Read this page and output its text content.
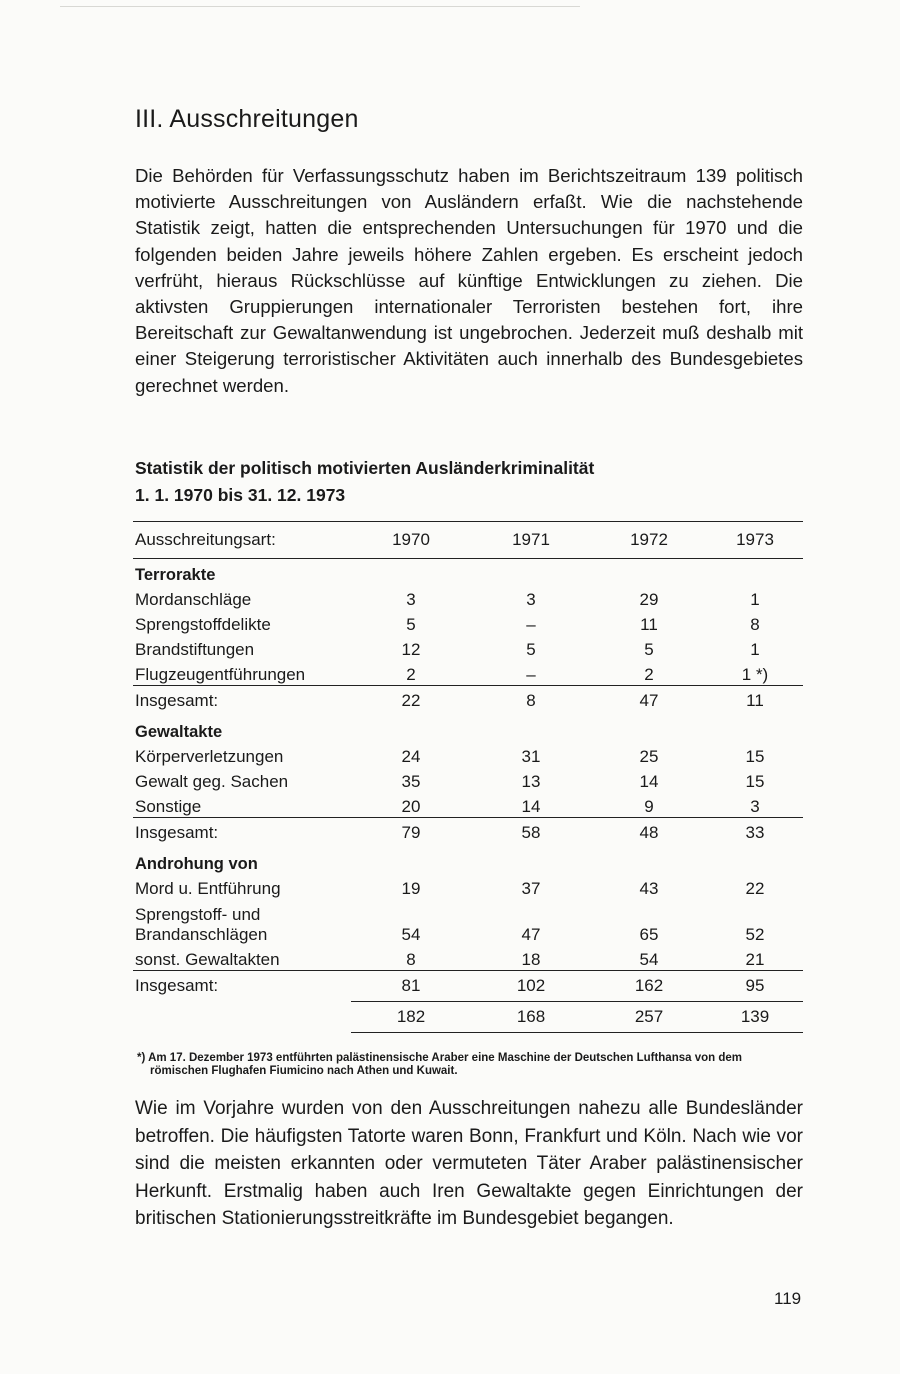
III. Ausschreitungen

Die Behörden für Verfassungsschutz haben im Berichtszeitraum 139 politisch motivierte Ausschreitungen von Ausländern erfaßt. Wie die nachstehende Statistik zeigt, hatten die entsprechenden Untersuchungen für 1970 und die folgenden beiden Jahre jeweils höhere Zahlen ergeben. Es erscheint jedoch verfrüht, hieraus Rückschlüsse auf künftige Entwicklungen zu ziehen. Die aktivsten Gruppierungen internationaler Terroristen bestehen fort, ihre Bereitschaft zur Gewaltanwendung ist ungebrochen. Jederzeit muß deshalb mit einer Steigerung terroristischer Aktivitäten auch innerhalb des Bundesgebietes gerechnet werden.

Statistik der politisch motivierten Ausländerkriminalität
1. 1. 1970 bis 31. 12. 1973
Ausschreitungsart:	1970	1971	1972	1973
Terrorakte				
Mordanschläge	3	3	29	1
Sprengstoffdelikte	5	–	11	8
Brandstiftungen	12	5	5	1
Flugzeugentführungen	2	–	2	1 *)
Insgesamt:	22	8	47	11
Gewaltakte				
Körperverletzungen	24	31	25	15
Gewalt geg. Sachen	35	13	14	15
Sonstige	20	14	9	3
Insgesamt:	79	58	48	33
Androhung von				
Mord u. Entführung	19	37	43	22

Sprengstoff- und
Brandanschlägen	54	47	65	52
sonst. Gewaltakten	8	18	54	21
Insgesamt:	81	102	162	95
	182	168	257	139
*) Am 17. Dezember 1973 entführten palästinensische Araber eine Maschine der Deutschen Lufthansa von dem römischen Flughafen Fiumicino nach Athen und Kuwait.

Wie im Vorjahre wurden von den Ausschreitungen nahezu alle Bundesländer betroffen. Die häufigsten Tatorte waren Bonn, Frankfurt und Köln. Nach wie vor sind die meisten erkannten oder vermuteten Täter Araber palästinensischer Herkunft. Erstmalig haben auch Iren Gewaltakte gegen Einrichtungen der britischen Stationierungsstreitkräfte im Bundesgebiet begangen.

119
